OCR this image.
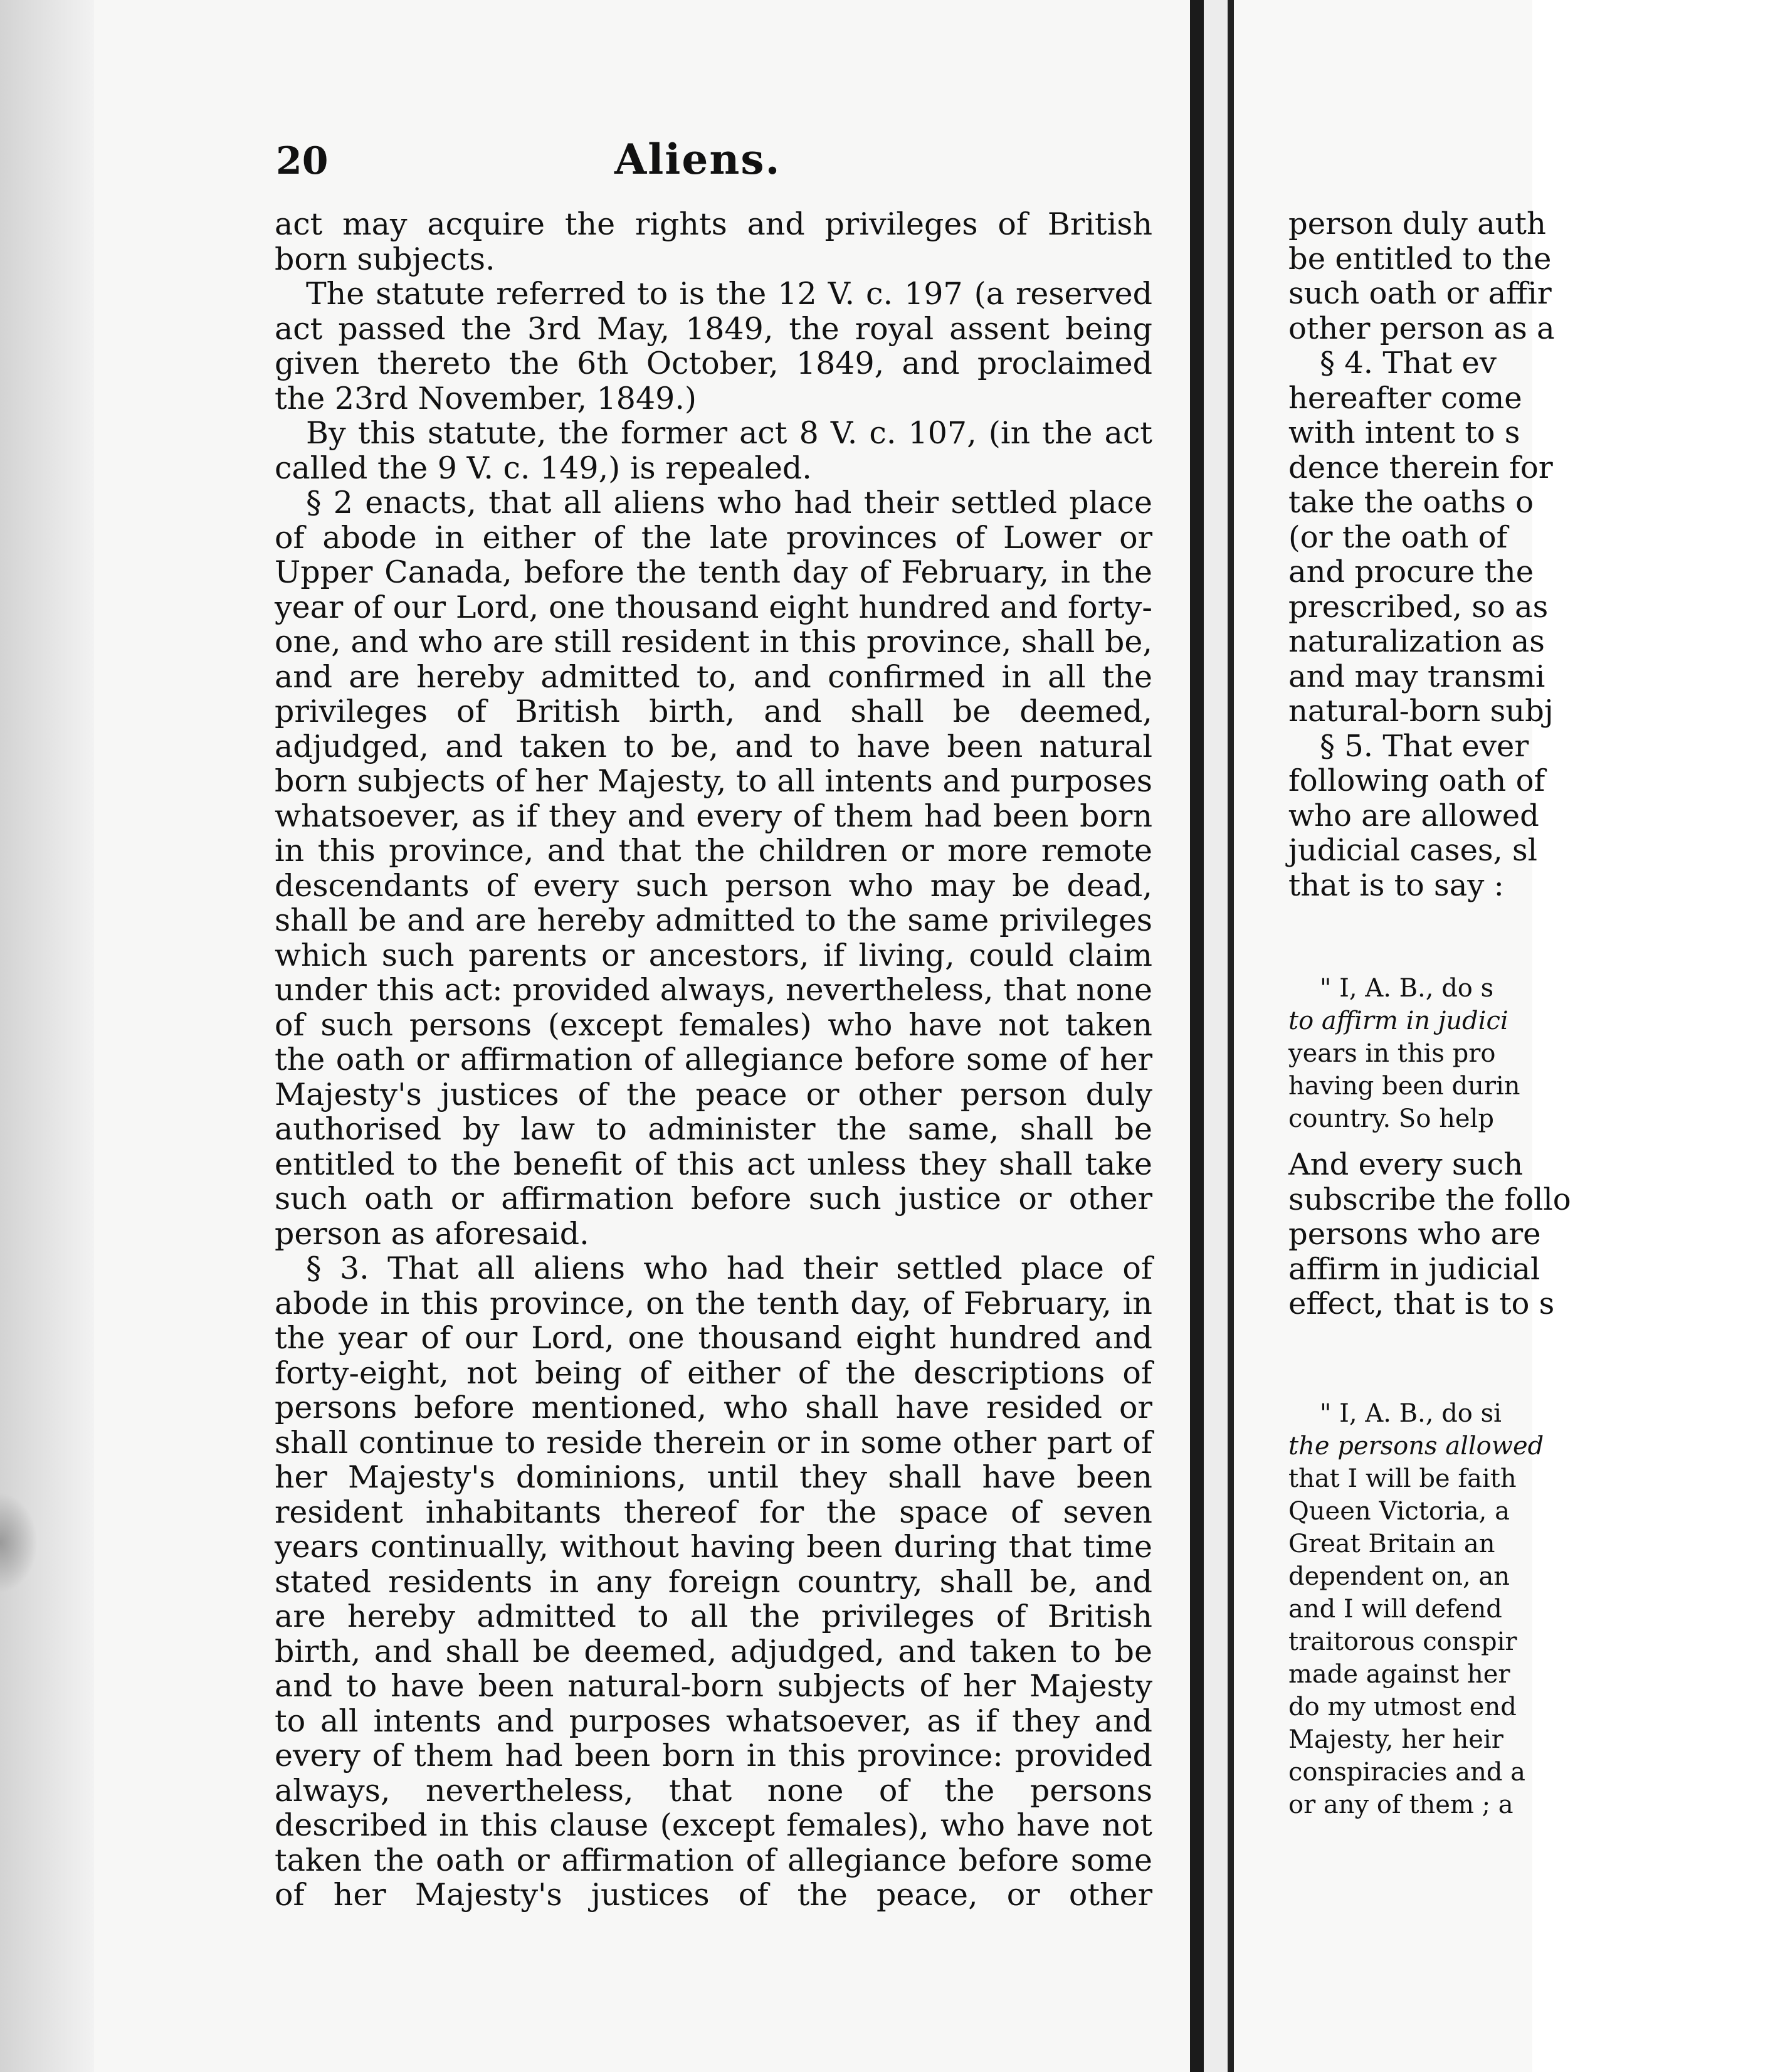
20	Aliens.

act may acquire the rights and privileges of British born subjects.

The statute referred to is the 12 V. c. 197 (a reserved act passed the 3rd May, 1849, the royal assent being given thereto the 6th October, 1849, and proclaimed the 23rd November, 1849.)

By this statute, the former act 8 V. c. 107, (in the act called the 9 V. c. 149,) is repealed.

§ 2 enacts, that all aliens who had their settled place of abode in either of the late provinces of Lower or Upper Canada, before the tenth day of February, in the year of our Lord, one thousand eight hundred and forty-one, and who are still resident in this province, shall be, and are hereby admitted to, and confirmed in all the privileges of British birth, and shall be deemed, adjudged, and taken to be, and to have been natural born subjects of her Majesty, to all intents and purposes whatsoever, as if they and every of them had been born in this province, and that the children or more remote descendants of every such person who may be dead, shall be and are hereby admitted to the same privileges which such parents or ancestors, if living, could claim under this act: provided always, nevertheless, that none of such persons (except females) who have not taken the oath or affirmation of allegiance before some of her Majesty's justices of the peace or other person duly authorised by law to administer the same, shall be entitled to the benefit of this act unless they shall take such oath or affirmation before such justice or other person as aforesaid.

§ 3. That all aliens who had their settled place of abode in this province, on the tenth day, of February, in the year of our Lord, one thousand eight hundred and forty-eight, not being of either of the descriptions of persons before mentioned, who shall have resided or shall continue to reside therein or in some other part of her Majesty's dominions, until they shall have been resident inhabitants thereof for the space of seven years continually, without having been during that time stated residents in any foreign country, shall be, and are hereby admitted to all the privileges of British birth, and shall be deemed, adjudged, and taken to be and to have been natural-born subjects of her Majesty to all intents and purposes whatsoever, as if they and every of them had been born in this province: provided always, nevertheless, that none of the persons described in this clause (except females), who have not taken the oath or affirmation of allegiance before some of her Majesty's justices of the peace, or other

person duly auth
be entitled to the
such oath or affir
other person as a
§ 4. That ev
hereafter come
with intent to s
dence therein for
take the oaths o
(or the oath of
and procure the
prescribed, so as
naturalization as
and may transmi
natural-born subj
§ 5. That ever
following oath of
who are allowed
judicial cases, sl
that is to say :
" I, A. B., do s
to affirm in judici
years in this pro
having been durin
country. So help
And every such
subscribe the follo
persons who are
affirm in judicial
effect, that is to s
" I, A. B., do si
the persons allowed
that I will be faith
Queen Victoria, a
Great Britain an
dependent on, an
and I will defend
traitorous conspir
made against her
do my utmost end
Majesty, her heir
conspiracies and a
or any of them ; a
